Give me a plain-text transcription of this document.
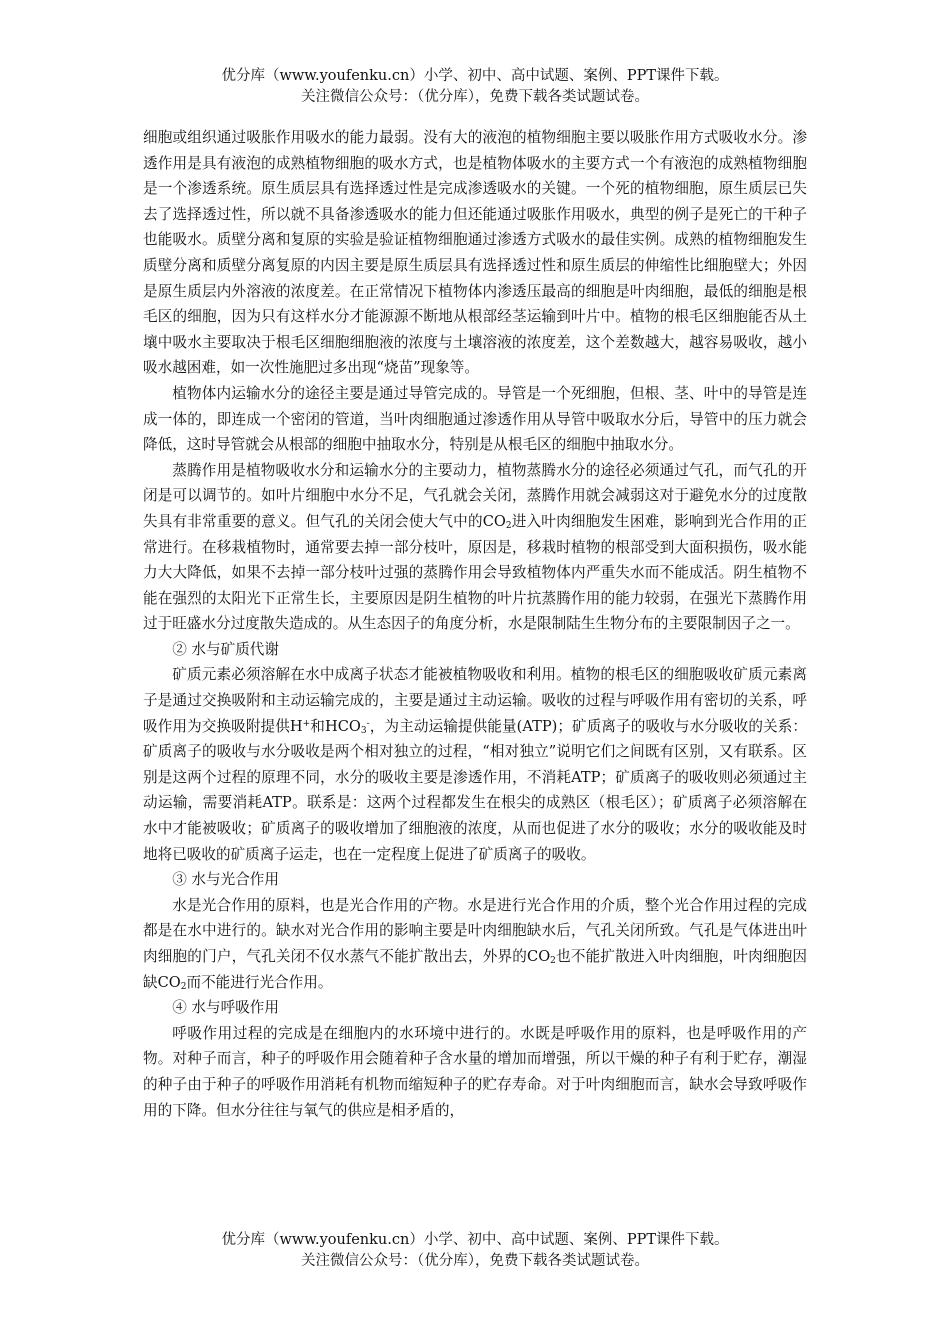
优分库（www.youfenku.cn）小学、初中、高中试题、案例、PPT课件下载。
关注微信公众号：（优分库），免费下载各类试题试卷。

细胞或组织通过吸胀作用吸水的能力最弱。没有大的液泡的植物细胞主要以吸胀作用方式吸收水分。渗透作用是具有液泡的成熟植物细胞的吸水方式，也是植物体吸水的主要方式一个有液泡的成熟植物细胞是一个渗透系统。原生质层具有选择透过性是完成渗透吸水的关键。一个死的植物细胞，原生质层已失去了选择透过性，所以就不具备渗透吸水的能力但还能通过吸胀作用吸水，典型的例子是死亡的干种子也能吸水。质壁分离和复原的实验是验证植物细胞通过渗透方式吸水的最佳实例。成熟的植物细胞发生质壁分离和质壁分离复原的内因主要是原生质层具有选择透过性和原生质层的伸缩性比细胞壁大；外因是原生质层内外溶液的浓度差。在正常情况下植物体内渗透压最高的细胞是叶肉细胞，最低的细胞是根毛区的细胞，因为只有这样水分才能源源不断地从根部经茎运输到叶片中。植物的根毛区细胞能否从土壤中吸水主要取决于根毛区细胞细胞液的浓度与土壤溶液的浓度差，这个差数越大，越容易吸收，越小吸水越困难，如一次性施肥过多出现“烧苗”现象等。

植物体内运输水分的途径主要是通过导管完成的。导管是一个死细胞，但根、茎、叶中的导管是连成一体的，即连成一个密闭的管道，当叶肉细胞通过渗透作用从导管中吸取水分后，导管中的压力就会降低，这时导管就会从根部的细胞中抽取水分，特别是从根毛区的细胞中抽取水分。

蒸腾作用是植物吸收水分和运输水分的主要动力，植物蒸腾水分的途径必须通过气孔，而气孔的开闭是可以调节的。如叶片细胞中水分不足，气孔就会关闭，蒸腾作用就会减弱这对于避免水分的过度散失具有非常重要的意义。但气孔的关闭会使大气中的$CO_2$进入叶肉细胞发生困难，影响到光合作用的正常进行。在移栽植物时，通常要去掉一部分枝叶，原因是，移栽时植物的根部受到大面积损伤，吸水能力大大降低，如果不去掉一部分枝叶过强的蒸腾作用会导致植物体内严重失水而不能成活。阴生植物不能在强烈的太阳光下正常生长，主要原因是阴生植物的叶片抗蒸腾作用的能力较弱，在强光下蒸腾作用过于旺盛水分过度散失造成的。从生态因子的角度分析，水是限制陆生生物分布的主要限制因子之一。

② 水与矿质代谢

矿质元素必须溶解在水中成离子状态才能被植物吸收和利用。植物的根毛区的细胞吸收矿质元素离子是通过交换吸附和主动运输完成的，主要是通过主动运输。吸收的过程与呼吸作用有密切的关系，呼吸作用为交换吸附提供H+和$HCO_3^-$，为主动运输提供能量(ATP)；矿质离子的吸收与水分吸收的关系：矿质离子的吸收与水分吸收是两个相对独立的过程，“相对独立”说明它们之间既有区别，又有联系。区别是这两个过程的原理不同，水分的吸收主要是渗透作用，不消耗ATP；矿质离子的吸收则必须通过主动运输，需要消耗ATP。联系是：这两个过程都发生在根尖的成熟区（根毛区）；矿质离子必须溶解在水中才能被吸收；矿质离子的吸收增加了细胞液的浓度，从而也促进了水分的吸收；水分的吸收能及时地将已吸收的矿质离子运走，也在一定程度上促进了矿质离子的吸收。

③ 水与光合作用

水是光合作用的原料，也是光合作用的产物。水是进行光合作用的介质，整个光合作用过程的完成都是在水中进行的。缺水对光合作用的影响主要是叶肉细胞缺水后，气孔关闭所致。气孔是气体进出叶肉细胞的门户，气孔关闭不仅水蒸气不能扩散出去，外界的$CO_2$也不能扩散进入叶肉细胞，叶肉细胞因缺$CO_2$而不能进行光合作用。

④ 水与呼吸作用

呼吸作用过程的完成是在细胞内的水环境中进行的。水既是呼吸作用的原料，也是呼吸作用的产物。对种子而言，种子的呼吸作用会随着种子含水量的增加而增强，所以干燥的种子有利于贮存，潮湿的种子由于种子的呼吸作用消耗有机物而缩短种子的贮存寿命。对于叶肉细胞而言，缺水会导致呼吸作用的下降。但水分往往与氧气的供应是相矛盾的，

优分库（www.youfenku.cn）小学、初中、高中试题、案例、PPT课件下载。
关注微信公众号：（优分库），免费下载各类试题试卷。
